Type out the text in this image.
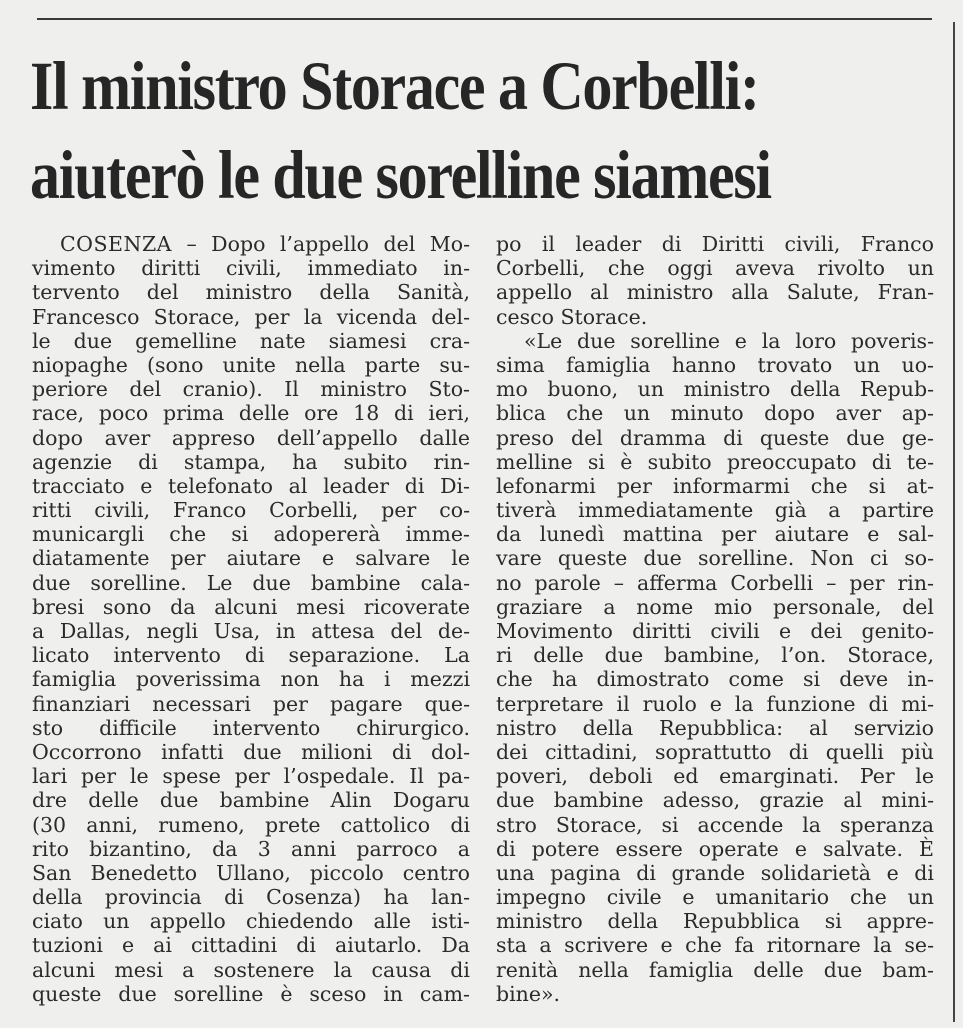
Il ministro Storace a Corbelli:
aiuterò le due sorelline siamesi
COSENZA – Dopo l’appello del Mo-
vimento diritti civili, immediato in-
tervento del ministro della Sanità,
Francesco Storace, per la vicenda del-
le due gemelline nate siamesi cra-
niopaghe (sono unite nella parte su-
periore del cranio). Il ministro Sto-
race, poco prima delle ore 18 di ieri,
dopo aver appreso dell’appello dalle
agenzie di stampa, ha subito rin-
tracciato e telefonato al leader di Di-
ritti civili, Franco Corbelli, per co-
municargli che si adopererà imme-
diatamente per aiutare e salvare le
due sorelline. Le due bambine cala-
bresi sono da alcuni mesi ricoverate
a Dallas, negli Usa, in attesa del de-
licato intervento di separazione. La
famiglia poverissima non ha i mezzi
finanziari necessari per pagare que-
sto difficile intervento chirurgico.
Occorrono infatti due milioni di dol-
lari per le spese per l’ospedale. Il pa-
dre delle due bambine Alin Dogaru
(30 anni, rumeno, prete cattolico di
rito bizantino, da 3 anni parroco a
San Benedetto Ullano, piccolo centro
della provincia di Cosenza) ha lan-
ciato un appello chiedendo alle isti-
tuzioni e ai cittadini di aiutarlo. Da
alcuni mesi a sostenere la causa di
queste due sorelline è sceso in cam-
po il leader di Diritti civili, Franco
Corbelli, che oggi aveva rivolto un
appello al ministro alla Salute, Fran-
cesco Storace.
«Le due sorelline e la loro poveris-
sima famiglia hanno trovato un uo-
mo buono, un ministro della Repub-
blica che un minuto dopo aver ap-
preso del dramma di queste due ge-
melline si è subito preoccupato di te-
lefonarmi per informarmi che si at-
tiverà immediatamente già a partire
da lunedì mattina per aiutare e sal-
vare queste due sorelline. Non ci so-
no parole – afferma Corbelli – per rin-
graziare a nome mio personale, del
Movimento diritti civili e dei genito-
ri delle due bambine, l’on. Storace,
che ha dimostrato come si deve in-
terpretare il ruolo e la funzione di mi-
nistro della Repubblica: al servizio
dei cittadini, soprattutto di quelli più
poveri, deboli ed emarginati. Per le
due bambine adesso, grazie al mini-
stro Storace, si accende la speranza
di potere essere operate e salvate. È
una pagina di grande solidarietà e di
impegno civile e umanitario che un
ministro della Repubblica si appre-
sta a scrivere e che fa ritornare la se-
renità nella famiglia delle due bam-
bine».
